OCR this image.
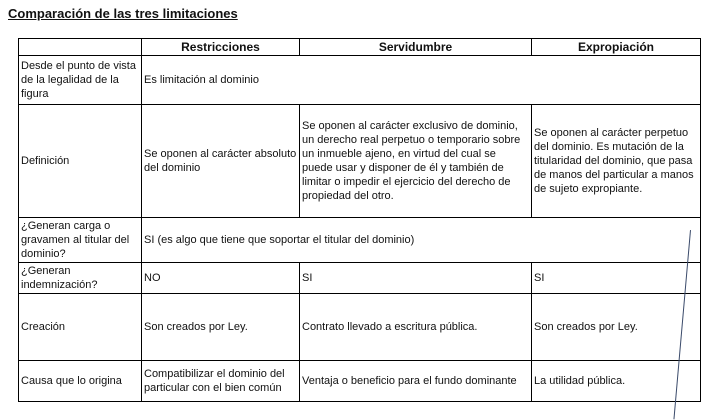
Comparación de las tres limitaciones
	Restricciones	Servidumbre	Expropiación
Desde el punto de vista de la legalidad de la figura	Es limitación al dominio		
Definición	Se oponen al carácter absoluto del dominio	Se oponen al carácter exclusivo de dominio, un derecho real perpetuo o temporario sobre un inmueble ajeno, en virtud del cual se puede usar y disponer de él y también de limitar o impedir el ejercicio del derecho de propiedad del otro.	Se oponen al carácter perpetuo del dominio. Es mutación de la titularidad del dominio, que pasa de manos del particular a manos de sujeto expropiante.
¿Generan carga o gravamen al titular del dominio?	SI (es algo que tiene que soportar el titular del dominio)		
¿Generan indemnización?	NO	SI	SI
Creación	Son creados por Ley.	Contrato llevado a escritura pública.	Son creados por Ley.
Causa que lo origina	Compatibilizar el dominio del particular con el bien común	Ventaja o beneficio para el fundo dominante	La utilidad pública.
